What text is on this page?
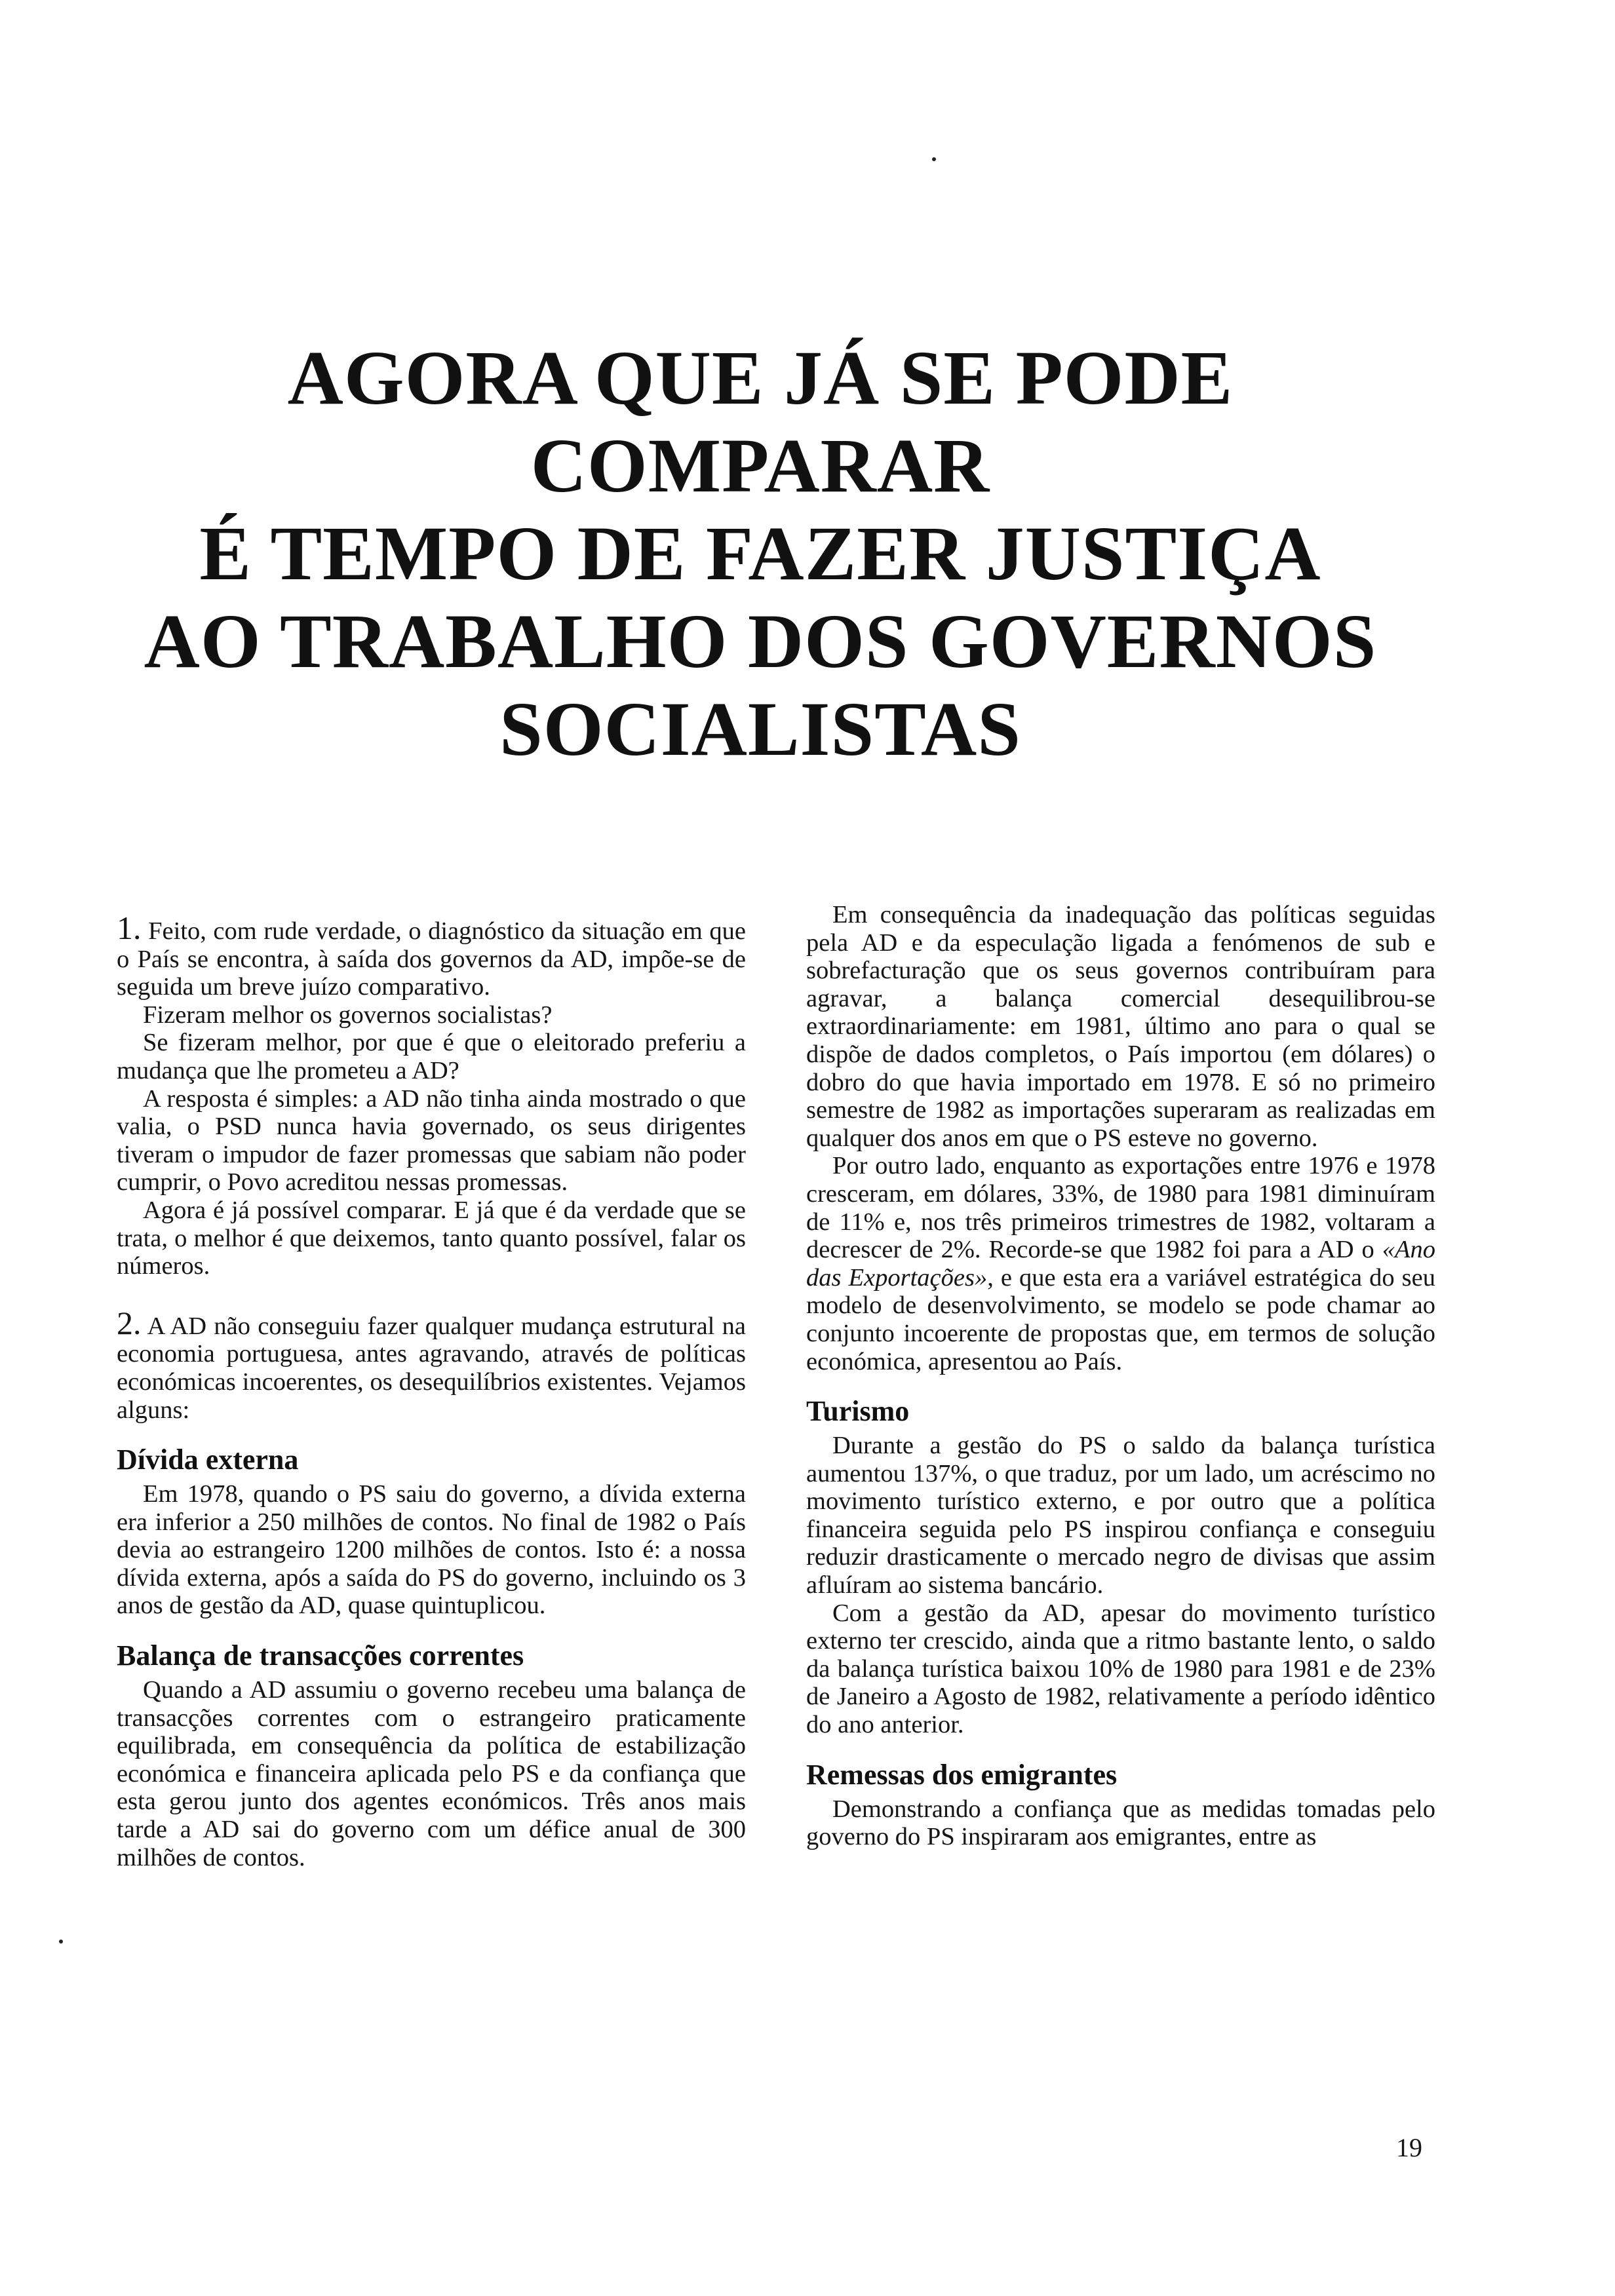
AGORA QUE JÁ SE PODE
COMPARAR
É TEMPO DE FAZER JUSTIÇA
AO TRABALHO DOS GOVERNOS
SOCIALISTAS

1. Feito, com rude verdade, o diagnóstico da situação em que o País se encontra, à saída dos governos da AD, impõe-se de seguida um breve juízo comparativo.

Fizeram melhor os governos socialistas?

Se fizeram melhor, por que é que o eleitorado preferiu a mudança que lhe prometeu a AD?

A resposta é simples: a AD não tinha ainda mostrado o que valia, o PSD nunca havia governado, os seus dirigentes tiveram o impudor de fazer promessas que sabiam não poder cumprir, o Povo acreditou nessas promessas.

Agora é já possível comparar. E já que é da verdade que se trata, o melhor é que deixemos, tanto quanto possível, falar os números.

2. A AD não conseguiu fazer qualquer mudança estrutural na economia portuguesa, antes agravando, através de políticas económicas incoerentes, os desequilíbrios existentes. Vejamos alguns:

Dívida externa

Em 1978, quando o PS saiu do governo, a dívida externa era inferior a 250 milhões de contos. No final de 1982 o País devia ao estrangeiro 1200 milhões de contos. Isto é: a nossa dívida externa, após a saída do PS do governo, incluindo os 3 anos de gestão da AD, quase quintuplicou.

Balança de transacções correntes

Quando a AD assumiu o governo recebeu uma balança de transacções correntes com o estrangeiro praticamente equilibrada, em consequência da política de estabilização económica e financeira aplicada pelo PS e da confiança que esta gerou junto dos agentes económicos. Três anos mais tarde a AD sai do governo com um défice anual de 300 milhões de contos.

Em consequência da inadequação das políticas seguidas pela AD e da especulação ligada a fenómenos de sub e sobrefacturação que os seus governos contribuíram para agravar, a balança comercial desequilibrou-se extraordinariamente: em 1981, último ano para o qual se dispõe de dados completos, o País importou (em dólares) o dobro do que havia importado em 1978. E só no primeiro semestre de 1982 as importações superaram as realizadas em qualquer dos anos em que o PS esteve no governo.

Por outro lado, enquanto as exportações entre 1976 e 1978 cresceram, em dólares, 33%, de 1980 para 1981 diminuíram de 11% e, nos três primeiros trimestres de 1982, voltaram a decrescer de 2%. Recorde-se que 1982 foi para a AD o «Ano das Exportações», e que esta era a variável estratégica do seu modelo de desenvolvimento, se modelo se pode chamar ao conjunto incoerente de propostas que, em termos de solução económica, apresentou ao País.

Turismo

Durante a gestão do PS o saldo da balança turística aumentou 137%, o que traduz, por um lado, um acréscimo no movimento turístico externo, e por outro que a política financeira seguida pelo PS inspirou confiança e conseguiu reduzir drasticamente o mercado negro de divisas que assim afluíram ao sistema bancário.

Com a gestão da AD, apesar do movimento turístico externo ter crescido, ainda que a ritmo bastante lento, o saldo da balança turística baixou 10% de 1980 para 1981 e de 23% de Janeiro a Agosto de 1982, relativamente a período idêntico do ano anterior.

Remessas dos emigrantes

Demonstrando a confiança que as medidas tomadas pelo governo do PS inspiraram aos emigrantes, entre as

19
